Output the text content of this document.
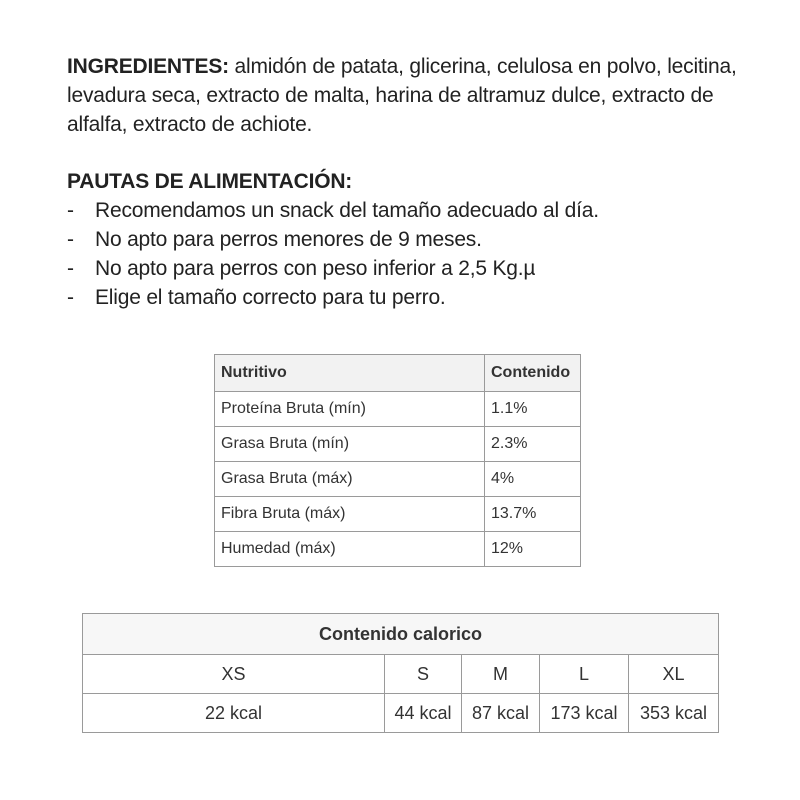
INGREDIENTES: almidón de patata, glicerina, celulosa en polvo, lecitina, levadura seca, extracto de malta, harina de altramuz dulce, extracto de alfalfa, extracto de achiote.
PAUTAS DE ALIMENTACIÓN:
-	Recomendamos un snack del tamaño adecuado al día.
-	No apto para perros menores de 9 meses.
-	No apto para perros con peso inferior a 2,5 Kg.µ
-	Elige el tamaño correcto para tu perro.
Nutritivo	Contenido
Proteína Bruta (mín)	1.1%
Grasa Bruta (mín)	2.3%
Grasa Bruta (máx)	4%
Fibra Bruta (máx)	13.7%
Humedad (máx)	12%
Contenido calorico				
XS	S	M	L	XL
22 kcal	44 kcal	87 kcal	173 kcal	353 kcal
